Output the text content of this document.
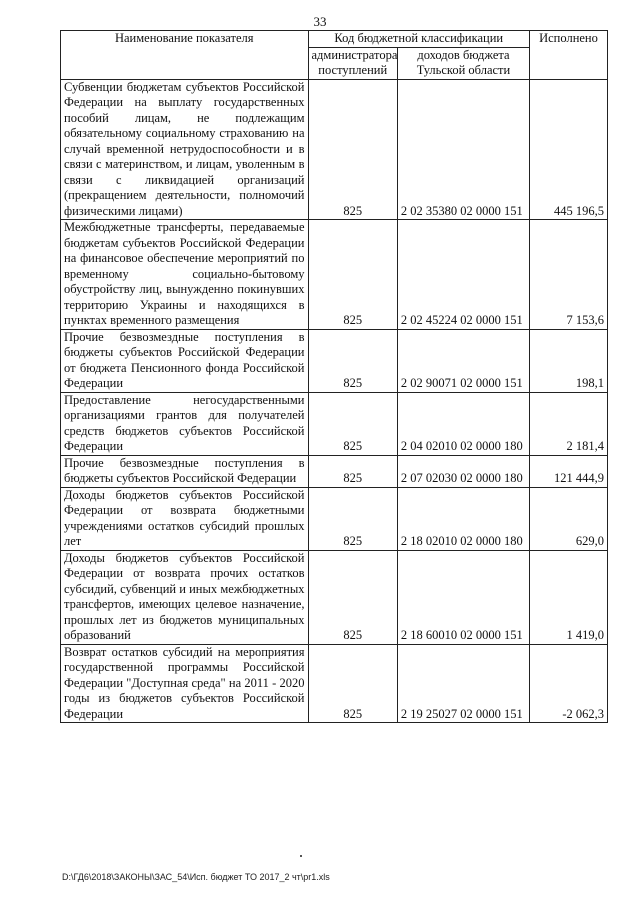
33
Наименование показателя	Код бюджетной классификации		Исполнено
	администратора поступлений	доходов бюджета Тульской области	
Субвенции бюджетам субъектов Российской Федерации на выплату государственных пособий лицам, не подлежащим обязательному социальному страхованию на случай временной нетрудоспособности и в связи с материнством, и лицам, уволенным в связи с ликвидацией организаций (прекращением деятельности, полномочий физическими лицами)	825	2 02 35380 02 0000 151	445 196,5
Межбюджетные трансферты, передаваемые бюджетам субъектов Российской Федерации на финансовое обеспечение мероприятий по временному социально-бытовому обустройству лиц, вынужденно покинувших территорию Украины и находящихся в пунктах временного размещения	825	2 02 45224 02 0000 151	7 153,6
Прочие безвозмездные поступления в бюджеты субъектов Российской Федерации от бюджета Пенсионного фонда Российской Федерации	825	2 02 90071 02 0000 151	198,1
Предоставление негосударственными организациями грантов для получателей средств бюджетов субъектов Российской Федерации	825	2 04 02010 02 0000 180	2 181,4
Прочие безвозмездные поступления в бюджеты субъектов Российской Федерации	825	2 07 02030 02 0000 180	121 444,9
Доходы бюджетов субъектов Российской Федерации от возврата бюджетными учреждениями остатков субсидий прошлых лет	825	2 18 02010 02 0000 180	629,0
Доходы бюджетов субъектов Российской Федерации от возврата прочих остатков субсидий, субвенций и иных межбюджетных трансфертов, имеющих целевое назначение, прошлых лет из бюджетов муниципальных образований	825	2 18 60010 02 0000 151	1 419,0
Возврат остатков субсидий на мероприятия государственной программы Российской Федерации "Доступная среда" на 2011 - 2020 годы из бюджетов субъектов Российской Федерации	825	2 19 25027 02 0000 151	-2 062,3
D:\ГД6\2018\ЗАКОНЫ\ЗАС_54\Исп. бюджет ТО 2017_2 чт\pr1.xls
